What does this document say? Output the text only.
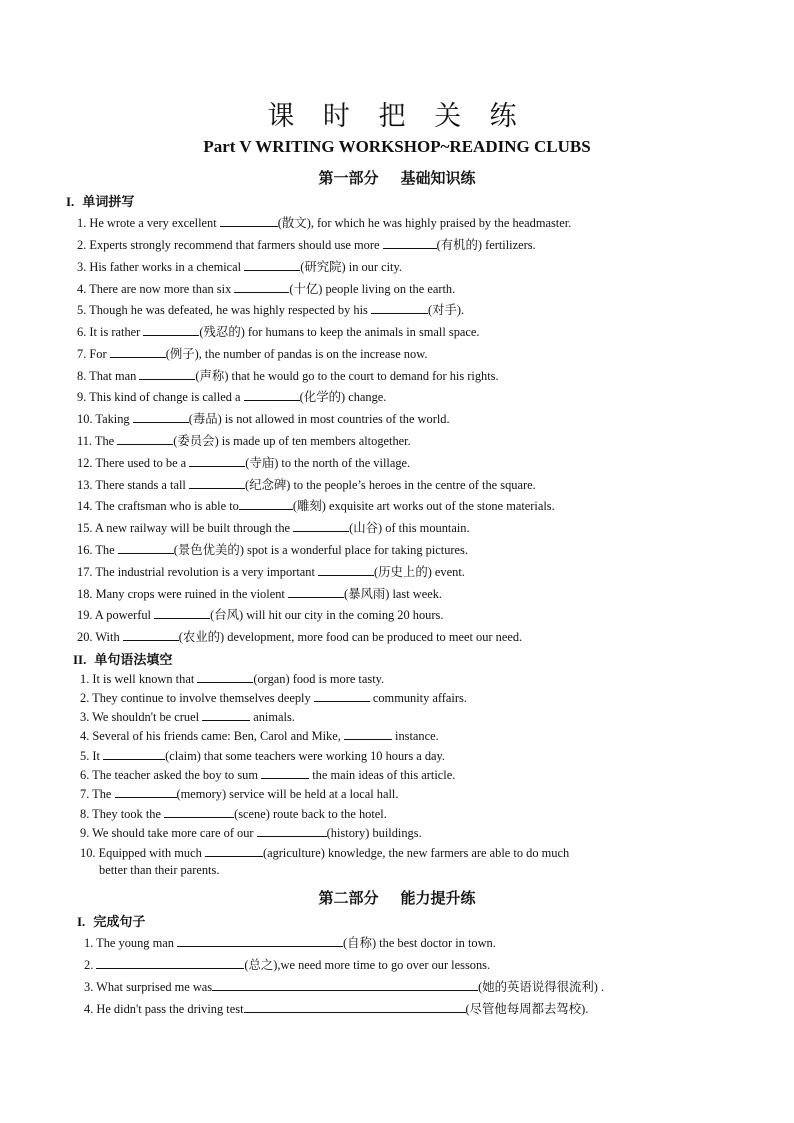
课 时 把 关 练
Part V WRITING WORKSHOP~READING CLUBS
第一部分 基础知识练
I. 单词拼写
1. He wrote a very excellent	(散文), for which he was highly praised by the headmaster.
2. Experts strongly recommend that farmers should use more	(有机的) fertilizers.
3. His father works in a chemical	(研究院) in our city.
4. There are now more than six	(十亿) people living on the earth.
5. Though he was defeated, he was highly respected by his	(对手).
6. It is rather	(残忍的) for humans to keep the animals in small space.
7. For	(例子), the number of pandas is on the increase now.
8. That man	(声称) that he would go to the court to demand for his rights.
9. This kind of change is called a	(化学的) change.
10. Taking	(毒品) is not allowed in most countries of the world.
11. The	(委员会) is made up of ten members altogether.
12. There used to be a	(寺庙) to the north of the village.
13. There stands a tall	(纪念碑) to the people’s heroes in the centre of the square.
14. The craftsman who is able to	(雕刻) exquisite art works out of the stone materials.
15. A new railway will be built through the	(山谷) of this mountain.
16. The	(景色优美的) spot is a wonderful place for taking pictures.
17. The industrial revolution is a very important	(历史上的) event.
18. Many crops were ruined in the violent	(暴风雨) last week.
19. A powerful	(台风) will hit our city in the coming 20 hours.
20. With	(农业的) development, more food can be produced to meet our need.
II. 单句语法填空
1. It is well known that	(organ) food is more tasty.
2. They continue to involve themselves deeply	community affairs.
3. We shouldn't be cruel	animals.
4. Several of his friends came: Ben, Carol and Mike,	instance.
5. It	(claim) that some teachers were working 10 hours a day.
6. The teacher asked the boy to sum	the main ideas of this article.
7. The	(memory) service will be held at a local hall.
8. They took the	(scene) route back to the hotel.
9. We should take more care of our	(history) buildings.
10. Equipped with much	(agriculture) knowledge, the new farmers are able to do much
better than their parents.
第二部分 能力提升练
I. 完成句子
1. The young man	(自称) the best doctor in town.
2.	(总之),we need more time to go over our lessons.
3. What surprised me was	(她的英语说得很流利) .
4. He didn't pass the driving test	(尽管他每周都去驾校).
